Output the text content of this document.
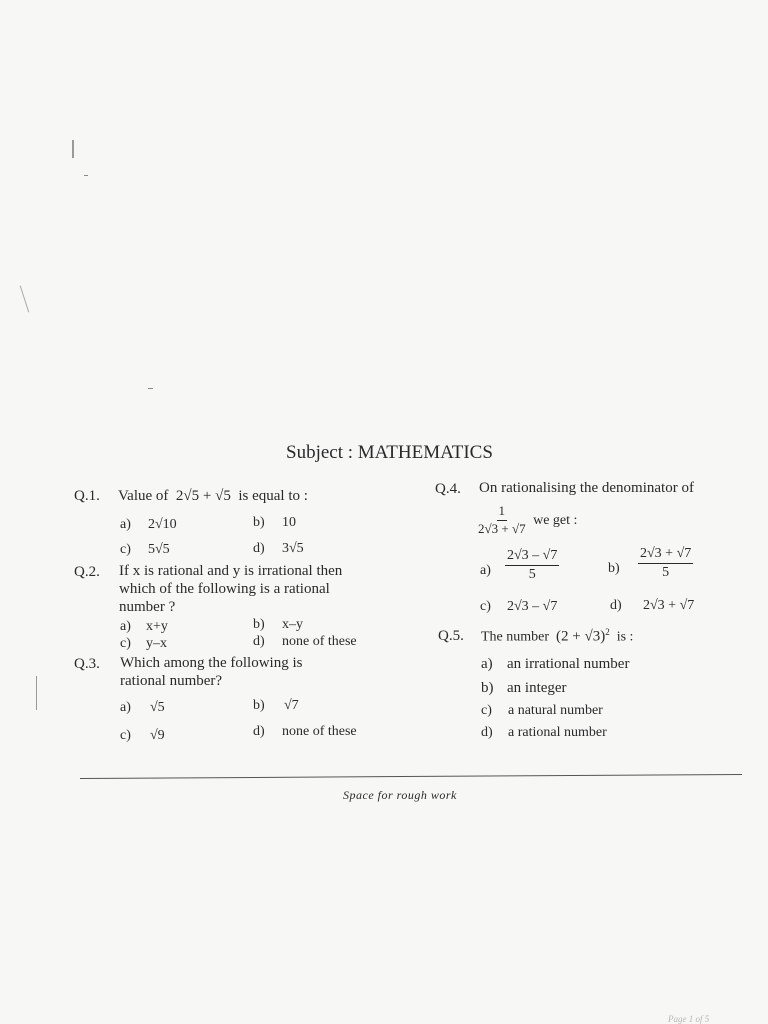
Subject : MATHEMATICS
Q.1. Value of 2√5 + √5 is equal to :
a) 2√10	b) 10
c) 5√5	d) 3√5
Q.2. If x is rational and y is irrational then
which of the following is a rational
number ?
a) x+y	b) x–y
c) y–x	d) none of these
Q.3. Which among the following is
rational number?
a) √5	b) √7
c) √9	d) none of these
Q.4. On rationalising the denominator of
$\frac{1}{2√3 + √7}$ we get :
$a) \frac{2√3 - √7}{5}$	$b) \frac{2√3 + √7}{5}$
c) 2√3 – √7	d) 2√3 + √7
Q.5. The number $(2 + √3)^2$ is :
a) an irrational number
b) an integer
c) a natural number
d) a rational number
Space for rough work
Page 1 of 5
